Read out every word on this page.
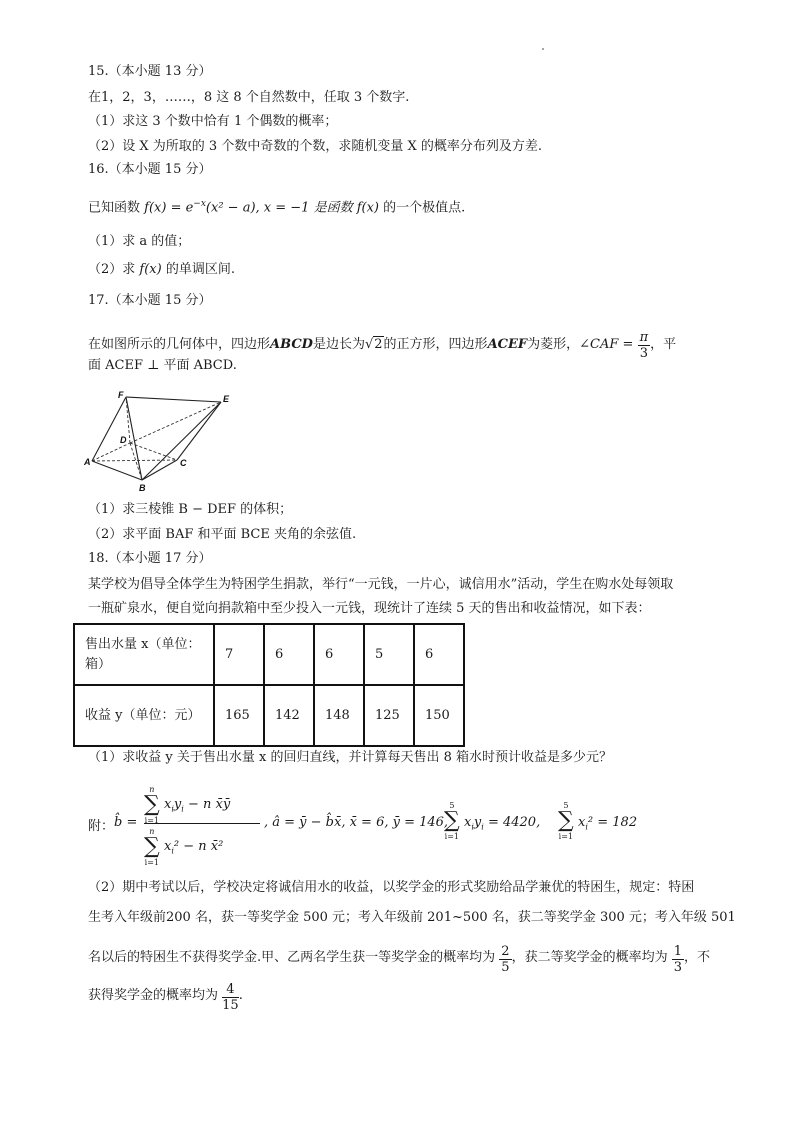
15.（本小题 13 分）
在1，2，3，……，8 这 8 个自然数中，任取 3 个数字.
（1）求这 3 个数中恰有 1 个偶数的概率；
（2）设 X 为所取的 3 个数中奇数的个数，求随机变量 X 的概率分布列及方差.
16.（本小题 15 分）
已知函数 $f(x) = e^{-x}(x^2 - a)$, x = −1 是函数 f(x) 的一个极值点.
（1）求 a 的值；
（2）求 f(x) 的单调区间.
17.（本小题 15 分）
在如图所示的几何体中，四边形ABCD是边长为√2的正方形，四边形ACEF为菱形，∠CAF = $\frac{\pi}{3}$ ，平
面 ACEF ⊥ 平面 ABCD.
F	E
D
A
B
C
（1）求三棱锥 B − DEF 的体积；
（2）求平面 BAF 和平面 BCE 夹角的余弦值.
18.（本小题 17 分）
某学校为倡导全体学生为特困学生捐款，举行“一元钱，一片心，诚信用水”活动，学生在购水处每领取
一瓶矿泉水，便自觉向捐款箱中至少投入一元钱，现统计了连续 5 天的售出和收益情况，如下表：
售出水量 x（单位：
箱）	7	6	6	5	6
收益 y（单位：元）	165	142	148	125	150
（1）求收益 y 关于售出水量 x 的回归直线，并计算每天售出 8 箱水时预计收益是多少元？
附： b̂ =
n
∑
i=1
$x_iy_i - n$ x̄ȳ
n
∑
i=1
$x_i^2 - n$ x̄²
, â = ȳ − b̂x̄, x̄ = 6, ȳ = 146,
5
∑
i=1
$x_iy_i = 4420$,
5
∑
i=1
$x_i^2 = 182$
（2）期中考试以后，学校决定将诚信用水的收益，以奖学金的形式奖励给品学兼优的特困生，规定：特困
生考入年级前200 名，获一等奖学金 500 元；考入年级前 201~500 名，获二等奖学金 300 元；考入年级 501
名以后的特困生不获得奖学金.甲、乙两名学生获一等奖学金的概率均为 $\frac{2}{5}$ ，获二等奖学金的概率均为 $\frac{1}{3}$ ，不
获得奖学金的概率均为 $\frac{4}{15}$ .
